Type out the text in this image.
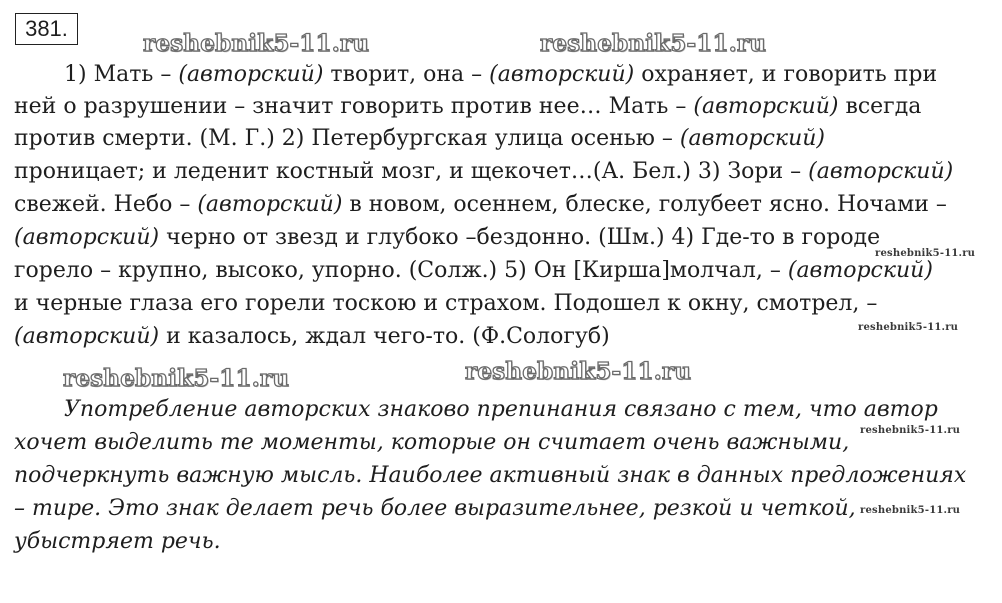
381.
reshebnik5-11.ru	reshebnik5-11.ru
reshebnik5-11.ru	reshebnik5-11.ru
reshebnik5-11.ru
reshebnik5-11.ru
reshebnik5-11.ru
reshebnik5-11.ru
1) Мать – (авторский) творит, она – (авторский) охраняет, и говорить при
ней о разрушении – значит говорить против нее… Мать – (авторский) всегда
против смерти. (М. Г.) 2) Петербургская улица осенью – (авторский)
проницает; и леденит костный мозг, и щекочет…(А. Бел.) 3) Зори – (авторский)
свежей. Небо – (авторский) в новом, осеннем, блеске, голубеет ясно. Ночами –
(авторский) черно от звезд и глубоко –бездонно. (Шм.) 4) Где-то в городе
горело – крупно, высоко, упорно. (Солж.) 5) Он [Кирша]молчал, – (авторский)
и черные глаза его горели тоскою и страхом. Подошел к окну, смотрел, –
(авторский) и казалось, ждал чего-то. (Ф.Сологуб)
Употребление авторских знаково препинания связано с тем, что автор
хочет выделить те моменты, которые он считает очень важными,
подчеркнуть важную мысль. Наиболее активный знак в данных предложениях
– тире. Это знак делает речь более выразительнее, резкой и четкой,
убыстряет речь.
